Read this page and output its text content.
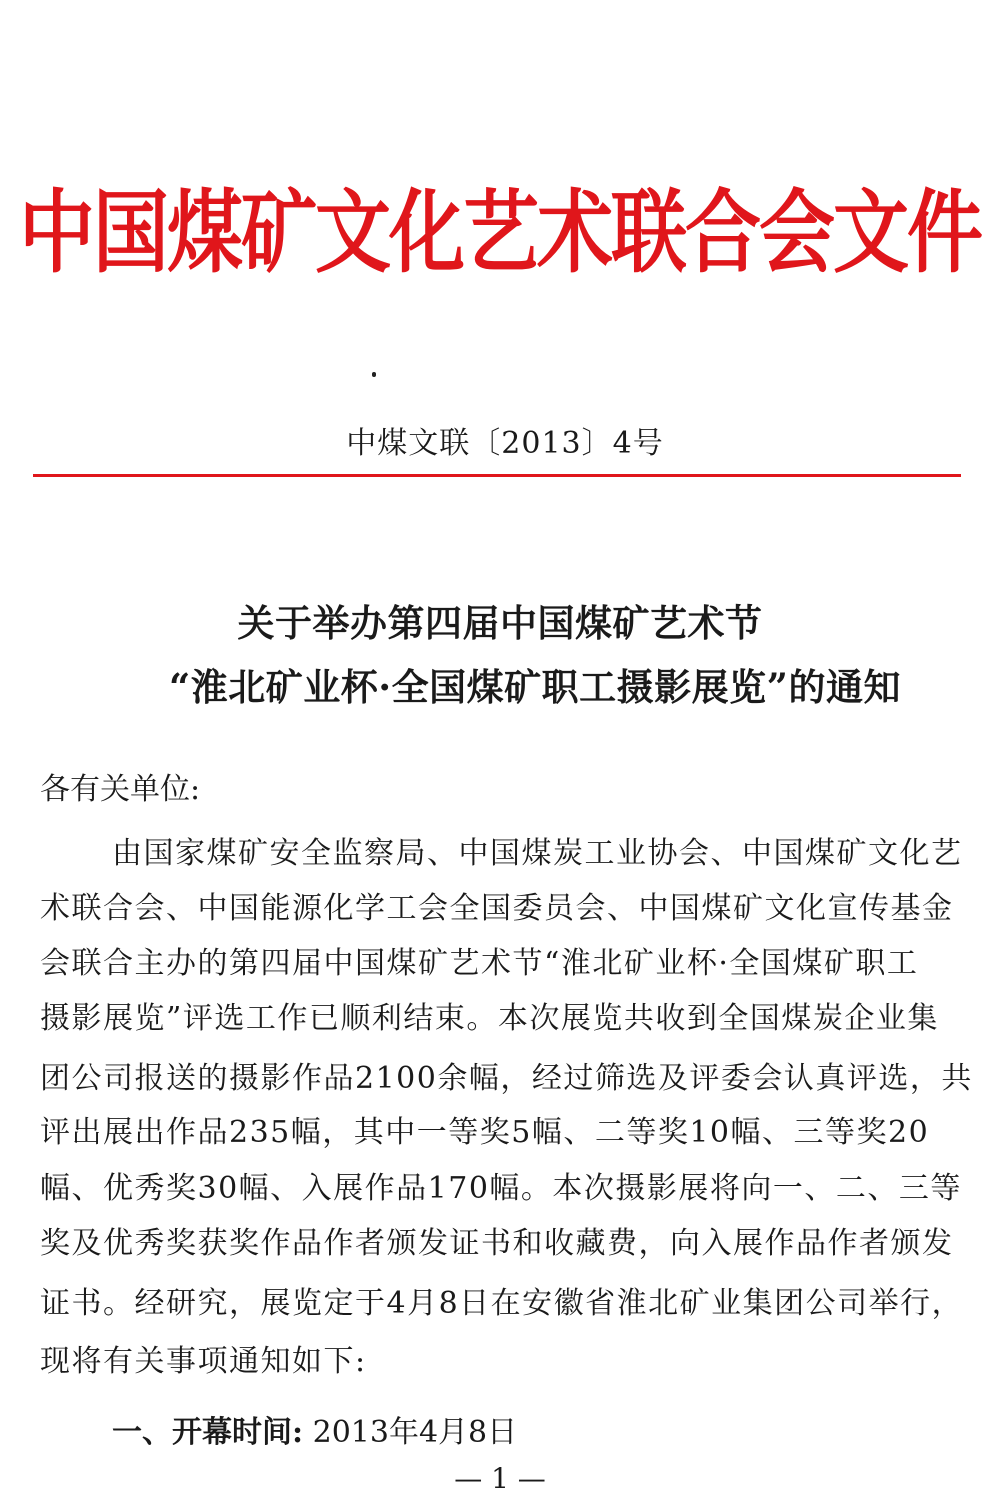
中国煤矿文化艺术联合会文件
中煤文联〔2013〕4号
关于举办第四届中国煤矿艺术节
“淮北矿业杯·全国煤矿职工摄影展览”的通知
各有关单位:
由国家煤矿安全监察局、中国煤炭工业协会、中国煤矿文化艺
术联合会、中国能源化学工会全国委员会、中国煤矿文化宣传基金
会联合主办的第四届中国煤矿艺术节“淮北矿业杯·全国煤矿职工
摄影展览”评选工作已顺利结束。本次展览共收到全国煤炭企业集
团公司报送的摄影作品2100余幅，经过筛选及评委会认真评选，共
评出展出作品235幅，其中一等奖5幅、二等奖10幅、三等奖20
幅、优秀奖30幅、入展作品170幅。本次摄影展将向一、二、三等
奖及优秀奖获奖作品作者颁发证书和收藏费，向入展作品作者颁发
证书。经研究，展览定于4月8日在安徽省淮北矿业集团公司举行，
现将有关事项通知如下:
一、开幕时间: 2013年4月8日
— 1 —
